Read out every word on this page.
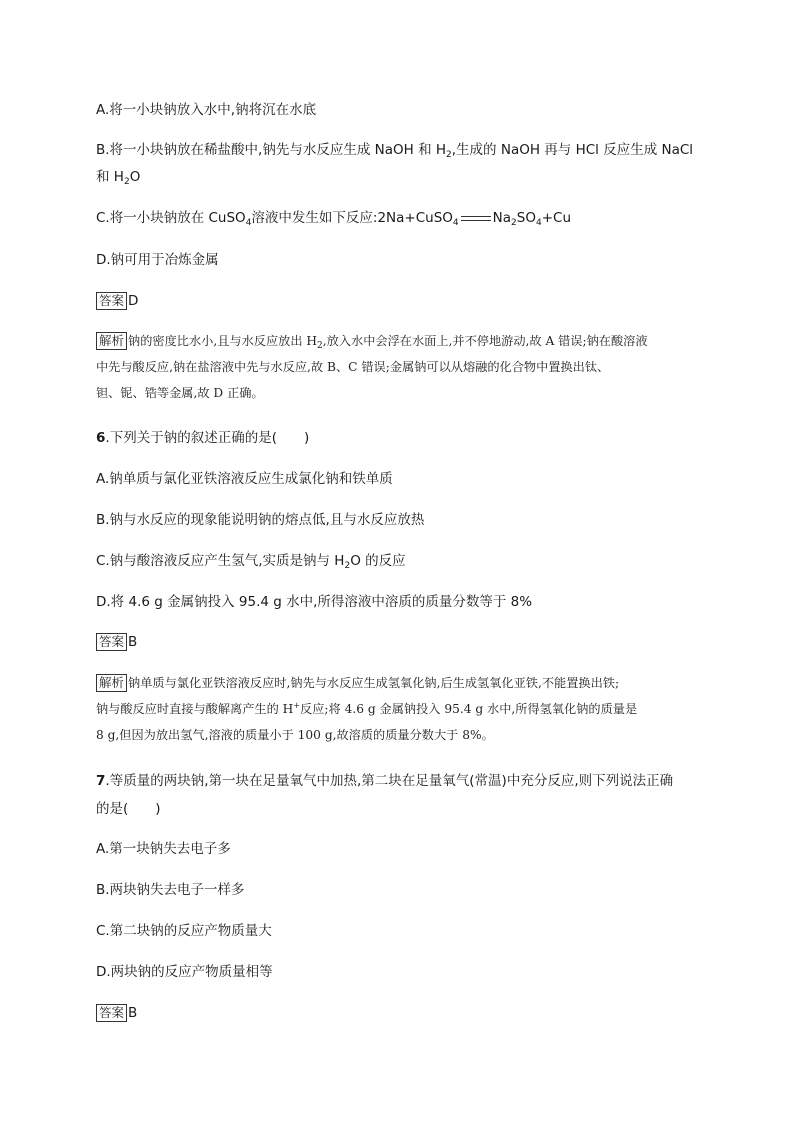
A.将一小块钠放入水中,钠将沉在水底
B.将一小块钠放在稀盐酸中,钠先与水反应生成 NaOH 和 $H_2$,生成的 NaOH 再与 HCl 反应生成 NaCl
和 $H_2O$
C.将一小块钠放在 CuSO$_4$溶液中发生如下反应:2Na+CuSO$_4$	$Na_2SO_4+Cu$
D.钠可用于冶炼金属
答案 D
解析 钠的密度比水小,且与水反应放出 $H_2$,放入水中会浮在水面上,并不停地游动,故 A 错误;钠在酸溶液
中先与酸反应,钠在盐溶液中先与水反应,故 B、C 错误;金属钠可以从熔融的化合物中置换出钛、
钽、铌、锆等金属,故 D 正确。
6.下列关于钠的叙述正确的是(　　)
A.钠单质与氯化亚铁溶液反应生成氯化钠和铁单质
B.钠与水反应的现象能说明钠的熔点低,且与水反应放热
C.钠与酸溶液反应产生氢气,实质是钠与 $H_2O$ 的反应
D.将 4.6 g 金属钠投入 95.4 g 水中,所得溶液中溶质的质量分数等于 8%
答案 B
解析 钠单质与氯化亚铁溶液反应时,钠先与水反应生成氢氧化钠,后生成氢氧化亚铁,不能置换出铁;
钠与酸反应时直接与酸解离产生的 H+反应;将 4.6 g 金属钠投入 95.4 g 水中,所得氢氧化钠的质量是
8 g,但因为放出氢气,溶液的质量小于 100 g,故溶质的质量分数大于 8%。
7.等质量的两块钠,第一块在足量氧气中加热,第二块在足量氧气(常温)中充分反应,则下列说法正确
的是(　　)
A.第一块钠失去电子多
B.两块钠失去电子一样多
C.第二块钠的反应产物质量大
D.两块钠的反应产物质量相等
答案 B
